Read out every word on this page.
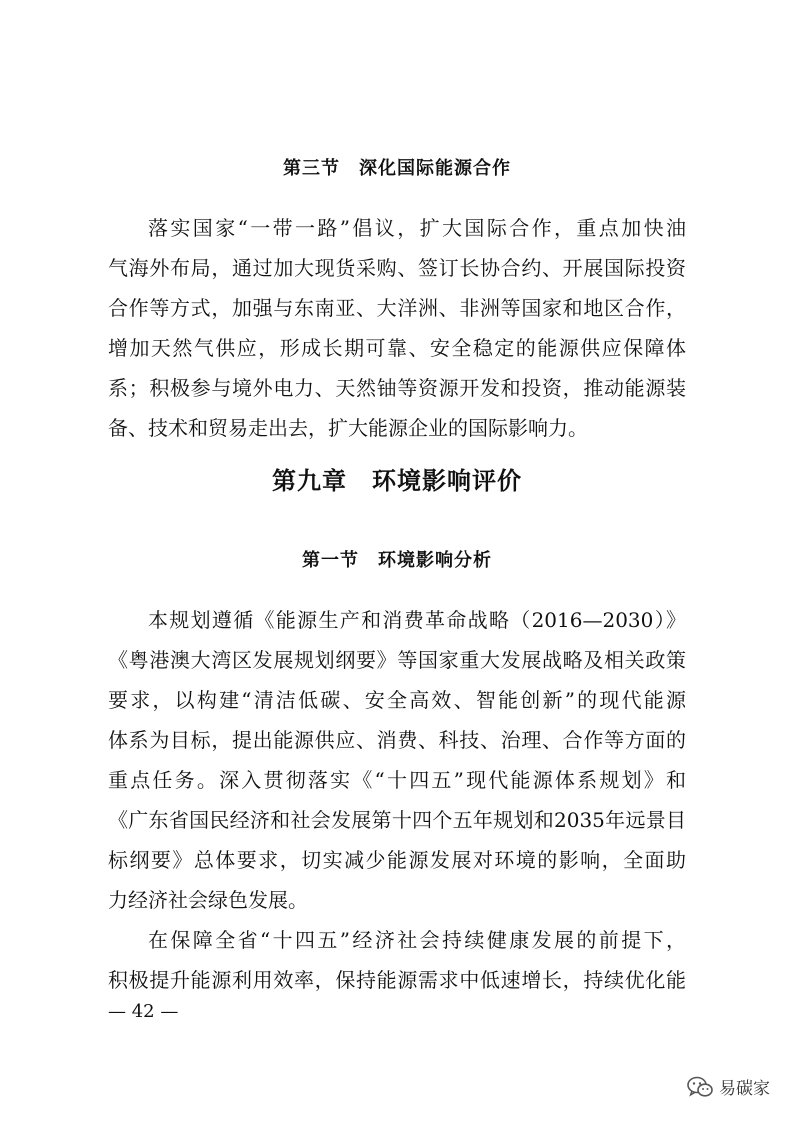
第三节　深化国际能源合作
落实国家“一带一路”倡议，扩大国际合作，重点加快油
气海外布局，通过加大现货采购、签订长协合约、开展国际投资
合作等方式，加强与东南亚、大洋洲、非洲等国家和地区合作，
增加天然气供应，形成长期可靠、安全稳定的能源供应保障体
系；积极参与境外电力、天然铀等资源开发和投资，推动能源装
备、技术和贸易走出去，扩大能源企业的国际影响力。
第九章　环境影响评价
第一节　环境影响分析
本规划遵循《能源生产和消费革命战略（2016—2030）》
《粤港澳大湾区发展规划纲要》等国家重大发展战略及相关政策
要求，以构建“清洁低碳、安全高效、智能创新”的现代能源
体系为目标，提出能源供应、消费、科技、治理、合作等方面的
重点任务。深入贯彻落实《“十四五”现代能源体系规划》和
《广东省国民经济和社会发展第十四个五年规划和2035年远景目
标纲要》总体要求，切实减少能源发展对环境的影响，全面助
力经济社会绿色发展。
在保障全省“十四五”经济社会持续健康发展的前提下，
积极提升能源利用效率，保持能源需求中低速增长，持续优化能
— 42 —
易碳家
